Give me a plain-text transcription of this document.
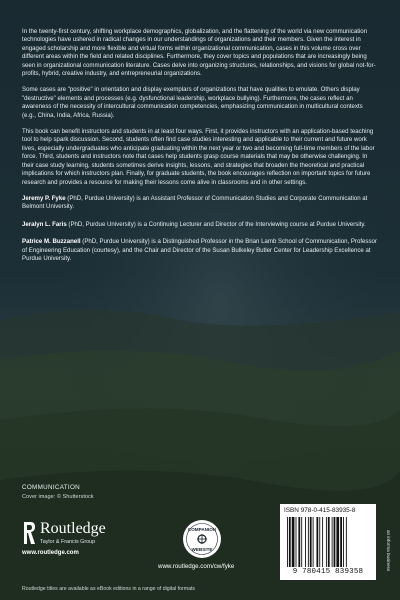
In the twenty-first century, shifting workplace demographics, globalization, and the flattening of the world via new communication technologies have ushered in radical changes in our understandings of organizations and their members. Given the interest in engaged scholarship and more flexible and virtual forms within organizational communication, cases in this volume cross over different areas within the field and related disciplines. Furthermore, they cover topics and populations that are increasingly being seen in organizational communication literature. Cases delve into organizing structures, relationships, and visions for global not-for-profits, hybrid, creative industry, and entrepreneurial organizations.

Some cases are "positive" in orientation and display exemplars of organizations that have qualities to emulate. Others display "destructive" elements and processes (e.g. dysfunctional leadership, workplace bullying). Furthermore, the cases reflect an awareness of the necessity of intercultural communication competencies, emphasizing communication in multicultural contexts (e.g., China, India, Africa, Russia).

This book can benefit instructors and students in at least four ways. First, it provides instructors with an application-based teaching tool to help spark discussion. Second, students often find case studies interesting and applicable to their current and future work lives, especially undergraduates who anticipate graduating within the next year or two and becoming full-time members of the labor force. Third, students and instructors note that cases help students grasp course materials that may be otherwise challenging. In their case study learning, students sometimes derive insights, lessons, and strategies that broaden the theoretical and practical implications for which instructors plan. Finally, for graduate students, the book encourages reflection on important topics for future research and provides a resource for making their lessons come alive in classrooms and in other settings.

Jeremy P. Fyke (PhD, Purdue University) is an Assistant Professor of Communication Studies and Corporate Communication at Belmont University.

Jeralyn L. Faris (PhD, Purdue University) is a Continuing Lecturer and Director of the Interviewing course at Purdue University.

Patrice M. Buzzanell (PhD, Purdue University) is a Distinguished Professor in the Brian Lamb School of Communication, Professor of Engineering Education (courtesy), and the Chair and Director of the Susan Bulkeley Butler Center for Leadership Excellence at Purdue University.

COMMUNICATION
Cover image: © Shutterstock
Routledge
Taylor & Francis Group
www.routledge.com
COMPANION
WEBSITE
www.routledge.com/cw/fyke
ISBN 978-0-415-83935-8
9 780415 839358
an informa business
Routledge titles are available as eBook editions in a range of digital formats
